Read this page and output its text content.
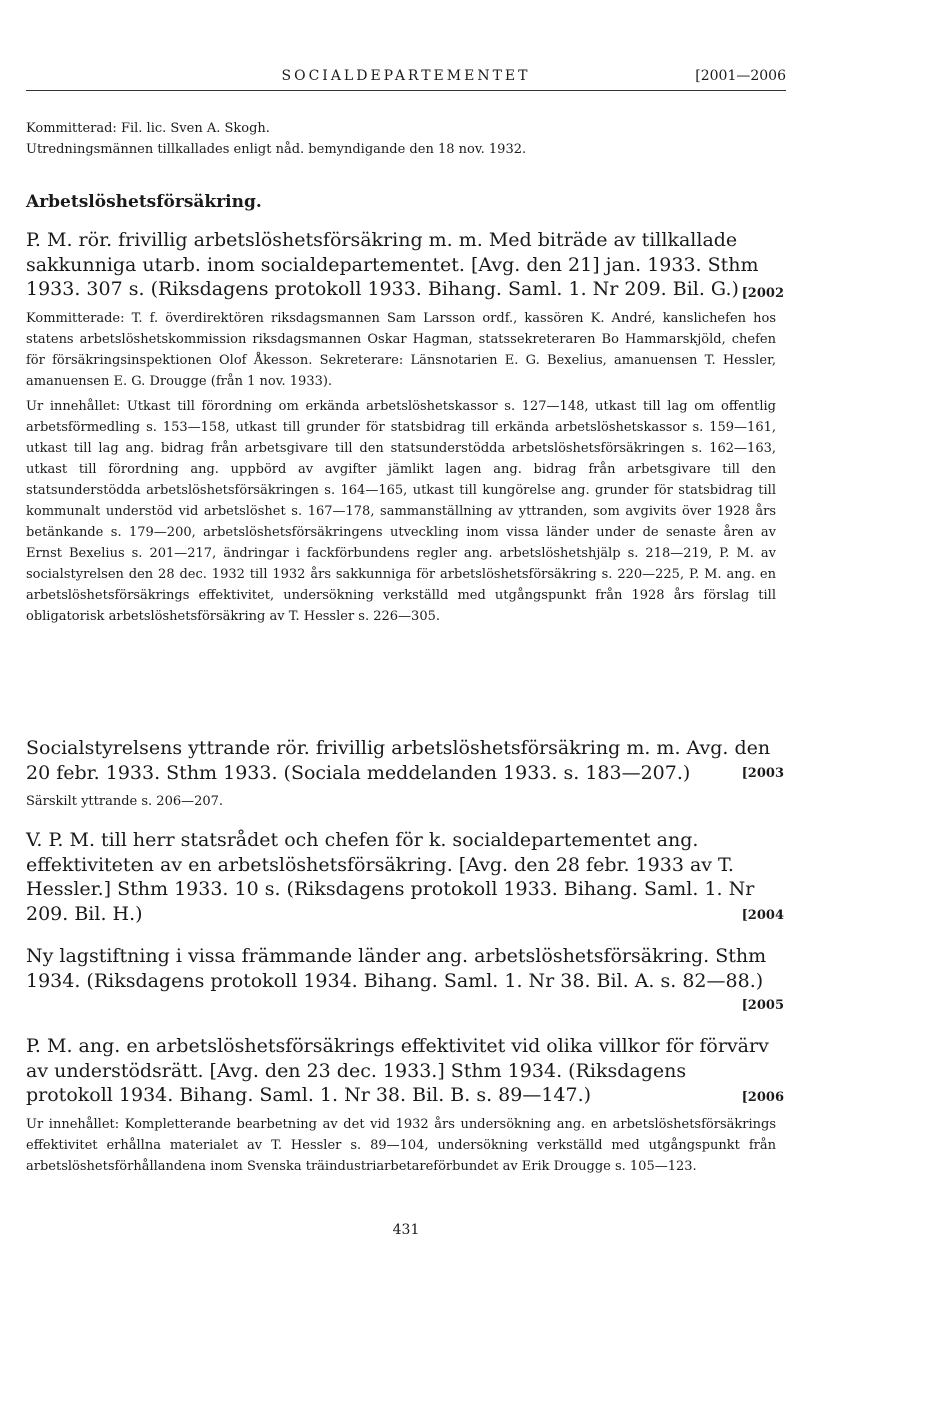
SOCIALDEPARTEMENTET	[2001—2006

Kommitterad: Fil. lic. Sven A. Skogh.

Utredningsmännen tillkallades enligt nåd. bemyndigande den 18 nov. 1932.

Arbetslöshetsförsäkring.

P. M. rör. frivillig arbetslöshetsförsäkring m. m. Med biträde av tillkallade sakkunniga utarb. inom socialdepartementet. [Avg. den 21] jan. 1933. Sthm 1933. 307 s. (Riksdagens protokoll 1933. Bihang. Saml. 1. Nr 209. Bil. G.) [2002

Kommitterade: T. f. överdirektören riksdagsmannen Sam Larsson ordf., kassören K. André, kanslichefen hos statens arbetslöshetskommission riksdagsmannen Oskar Hagman, statssekreteraren Bo Hammarskjöld, chefen för försäkringsinspektionen Olof Åkesson. Sekreterare: Länsnotarien E. G. Bexelius, amanuensen T. Hessler, amanuensen E. G. Drougge (från 1 nov. 1933).

Ur innehållet: Utkast till förordning om erkända arbetslöshetskassor s. 127—148, utkast till lag om offentlig arbetsförmedling s. 153—158, utkast till grunder för statsbidrag till erkända arbetslöshetskassor s. 159—161, utkast till lag ang. bidrag från arbetsgivare till den statsunderstödda arbetslöshetsförsäkringen s. 162—163, utkast till förordning ang. uppbörd av avgifter jämlikt lagen ang. bidrag från arbetsgivare till den statsunderstödda arbetslöshetsförsäkringen s. 164—165, utkast till kungörelse ang. grunder för statsbidrag till kommunalt understöd vid arbetslöshet s. 167—178, sammanställning av yttranden, som avgivits över 1928 års betänkande s. 179—200, arbetslöshetsförsäkringens utveckling inom vissa länder under de senaste åren av Ernst Bexelius s. 201—217, ändringar i fackförbundens regler ang. arbetslöshetshjälp s. 218—219, P. M. av socialstyrelsen den 28 dec. 1932 till 1932 års sakkunniga för arbetslöshetsförsäkring s. 220—225, P. M. ang. en arbetslöshetsförsäkrings effektivitet, undersökning verkställd med utgångspunkt från 1928 års förslag till obligatorisk arbetslöshetsförsäkring av T. Hessler s. 226—305.

Socialstyrelsens yttrande rör. frivillig arbetslöshetsförsäkring m. m. Avg. den 20 febr. 1933. Sthm 1933. (Sociala meddelanden 1933. s. 183—207.)	[2003

Särskilt yttrande s. 206—207.

V. P. M. till herr statsrådet och chefen för k. socialdepartementet ang. effektiviteten av en arbetslöshetsförsäkring. [Avg. den 28 febr. 1933 av T. Hessler.] Sthm 1933. 10 s. (Riksdagens protokoll 1933. Bihang. Saml. 1. Nr 209. Bil. H.)	[2004

Ny lagstiftning i vissa främmande länder ang. arbetslöshetsförsäkring. Sthm 1934. (Riksdagens protokoll 1934. Bihang. Saml. 1. Nr 38. Bil. A. s. 82—88.)

[2005

P. M. ang. en arbetslöshetsförsäkrings effektivitet vid olika villkor för förvärv av understödsrätt. [Avg. den 23 dec. 1933.] Sthm 1934. (Riksdagens protokoll 1934. Bihang. Saml. 1. Nr 38. Bil. B. s. 89—147.)	[2006

Ur innehållet: Kompletterande bearbetning av det vid 1932 års undersökning ang. en arbetslöshetsförsäkrings effektivitet erhållna materialet av T. Hessler s. 89—104, undersökning verkställd med utgångspunkt från arbetslöshetsförhållandena inom Svenska träindustriarbetareförbundet av Erik Drougge s. 105—123.

431
